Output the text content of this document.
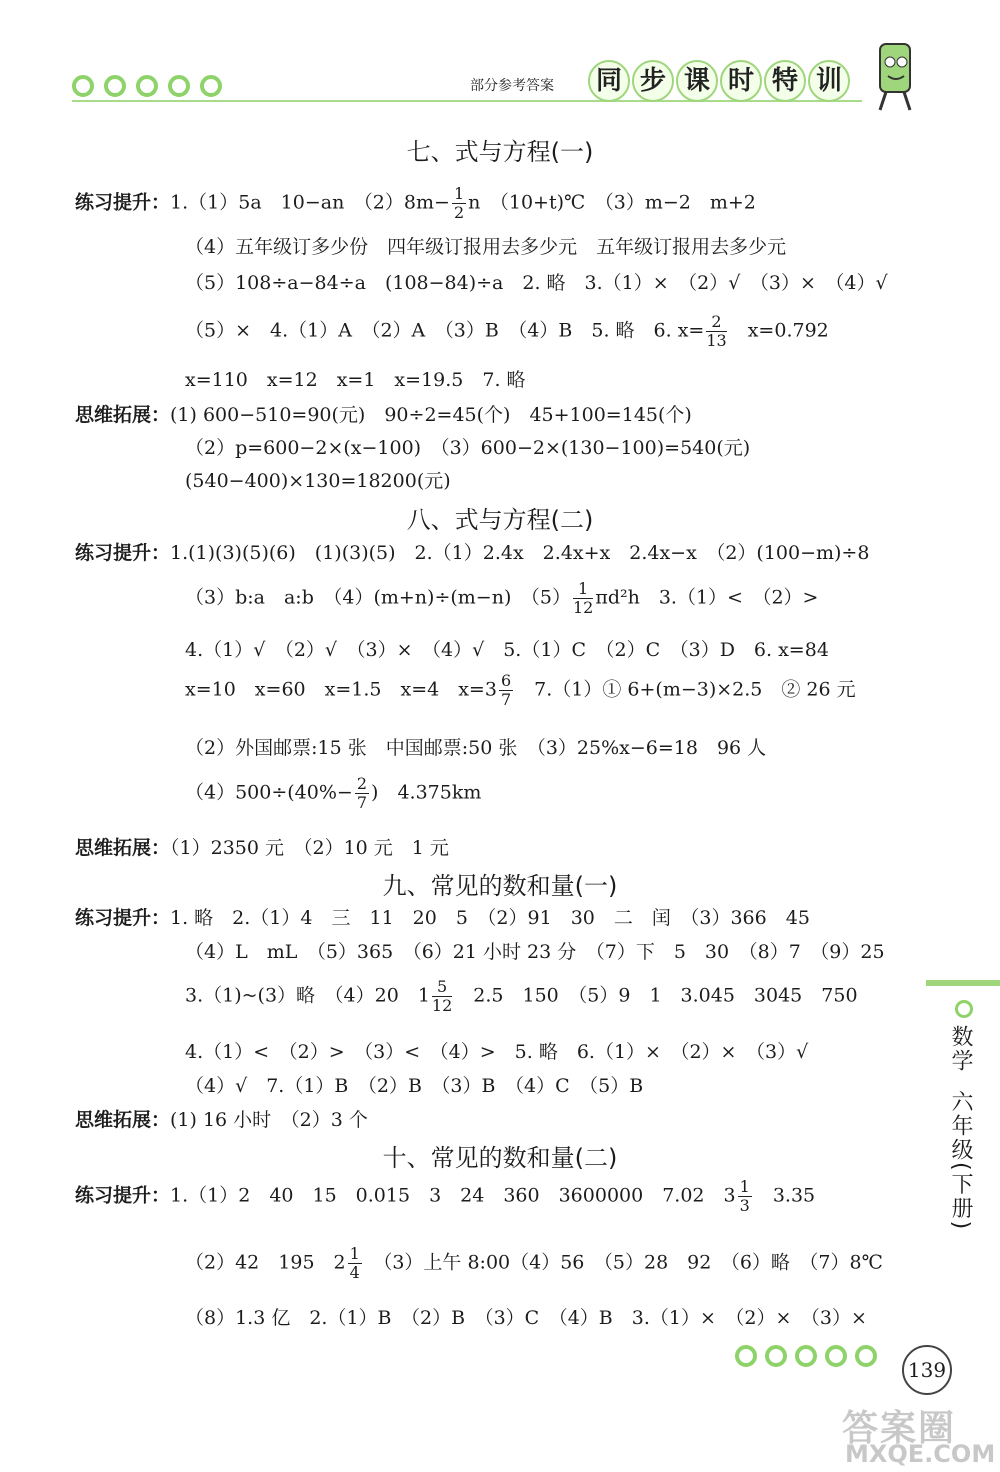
部分参考答案	同 步 课 时 特 训
七、式与方程(一)
练习提升：1.（1）5a　10−an　$(2)8m- \frac{1}{2}$ n　（10+t)℃　（3）m−2　m+2
（4）五年级订多少份　四年级订报用去多少元　五年级订报用去多少元
（5）108÷a−84÷a　(108−84)÷a　2. 略　3.（1）×　（2）√　（3）×　（4）√
（5）×　4.（1）A　（2）A　（3）B　（4）B　5. 略　6. $x= \frac{2}{13}$
　 x=0.792
x=110　x=12　x=1　x=19.5　7. 略
思维拓展：(1) 600−510=90(元)　90÷2=45(个)　45+100=145(个)
（2）p=600−2×(x−100)　（3）600−2×(130−100)=540(元)
(540−400)×130=18200(元)
八、式与方程(二)
练习提升：1.(1)(3)(5)(6)　(1)(3)(5)　2.（1）2.4x　2.4x+x　2.4x−x　（2）(100−m)÷8
（3）b:a　a:b　（4）(m+n)÷(m−n)　$(5) \frac{1}{12} \pi d^2h$　3.（1）<　（2）>
4.（1）√　（2）√　（3）×　（4）√　5.（1）C　（2）C　（3）D　6. x=84
x=10　x=60　x=1.5　x=4　$x=3 \frac{6}{7}$
　 7.（1）① 6+(m−3)×2.5　② 26 元
（2）外国邮票:15 张　中国邮票:50 张　（3）25%x−6=18　96 人
$(4)500\div(40\%- \frac{2}{7}$ )　4.375km
思维拓展：（1）2350 元　（2）10 元　1 元
九、常见的数和量(一)
练习提升：1. 略　2.（1）4　三　11　20　5　（2）91　30　二　闰　（3）366　45
（4）L　mL　（5）365　（6）21 小时 23 分　（7）下　5　30　（8）7　（9）25
3.（1)~(3）略　（4）20　$1 \frac{5}{12}$
　 2.5　150　（5）9　1　3.045　3045　750
4.（1）<　（2）>　（3）<　（4）>　5. 略　6.（1）×　（2）×　（3）√
（4）√　7.（1）B　（2）B　（3）B　（4）C　（5）B
思维拓展：(1) 16 小时　（2）3 个
十、常见的数和量(二)
练习提升：1.（1）2　40　15　0.015　3　24　360　3600000　7.02　$3 \frac{1}{3}$
　 3.35
（2）42　195　$2 \frac{1}{4}$
　 （3）上午 8:00（4）56　（5）28　92　（6）略　（7）8℃
（8）1.3 亿　2.（1）B　（2）B　（3）C　（4）B　3.（1）×　（2）×　（3）×
数学
六年级(下册)
139
答案圈
MXQE.COM
